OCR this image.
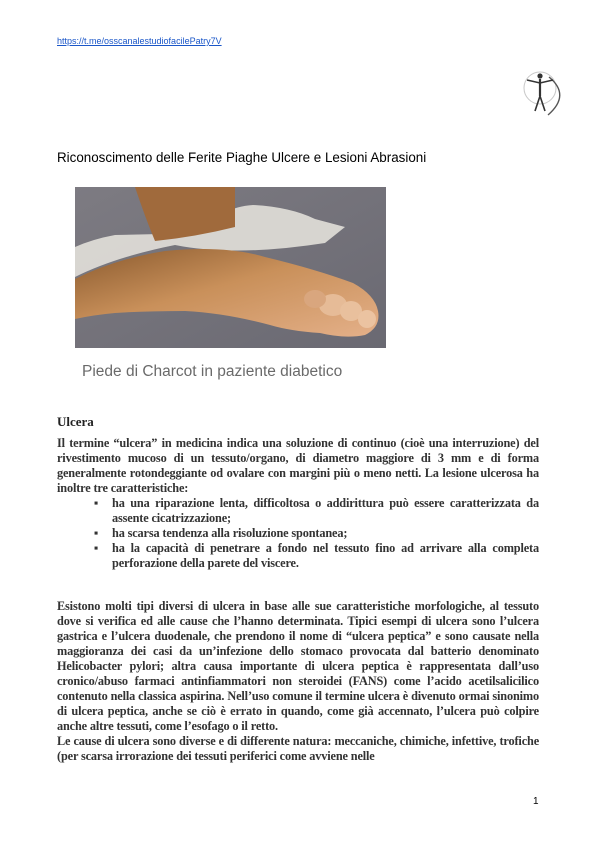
https://t.me/osscanalestudiofacilePatry7V
Riconoscimento delle Ferite Piaghe Ulcere e Lesioni Abrasioni
Piede di Charcot in paziente diabetico
Ulcera

Il termine “ulcera” in medicina indica una soluzione di continuo (cioè una interruzione) del rivestimento mucoso di un tessuto/organo, di diametro maggiore di 3 mm e di forma generalmente rotondeggiante od ovalare con margini più o meno netti. La lesione ulcerosa ha inoltre tre caratteristiche:

▪ ha una riparazione lenta, difficoltosa o addirittura può essere caratterizzata da assente cicatrizzazione;
▪ ha scarsa tendenza alla risoluzione spontanea;
▪ ha la capacità di penetrare a fondo nel tessuto fino ad arrivare alla completa perforazione della parete del viscere.

Esistono molti tipi diversi di ulcera in base alle sue caratteristiche morfologiche, al tessuto dove si verifica ed alle cause che l’hanno determinata. Tipici esempi di ulcera sono l’ulcera gastrica e l’ulcera duodenale, che prendono il nome di “ulcera peptica” e sono causate nella maggioranza dei casi da un’infezione dello stomaco provocata dal batterio denominato Helicobacter pylori; altra causa importante di ulcera peptica è rappresentata dall’uso cronico/abuso farmaci antinfiammatori non steroidei (FANS) come l’acido acetilsalicilico contenuto nella classica aspirina. Nell’uso comune il termine ulcera è divenuto ormai sinonimo di ulcera peptica, anche se ciò è errato in quando, come già accennato, l’ulcera può colpire anche altre tessuti, come l’esofago o il retto.

Le cause di ulcera sono diverse e di differente natura: meccaniche, chimiche, infettive, trofiche (per scarsa irrorazione dei tessuti periferici come avviene nelle

1
